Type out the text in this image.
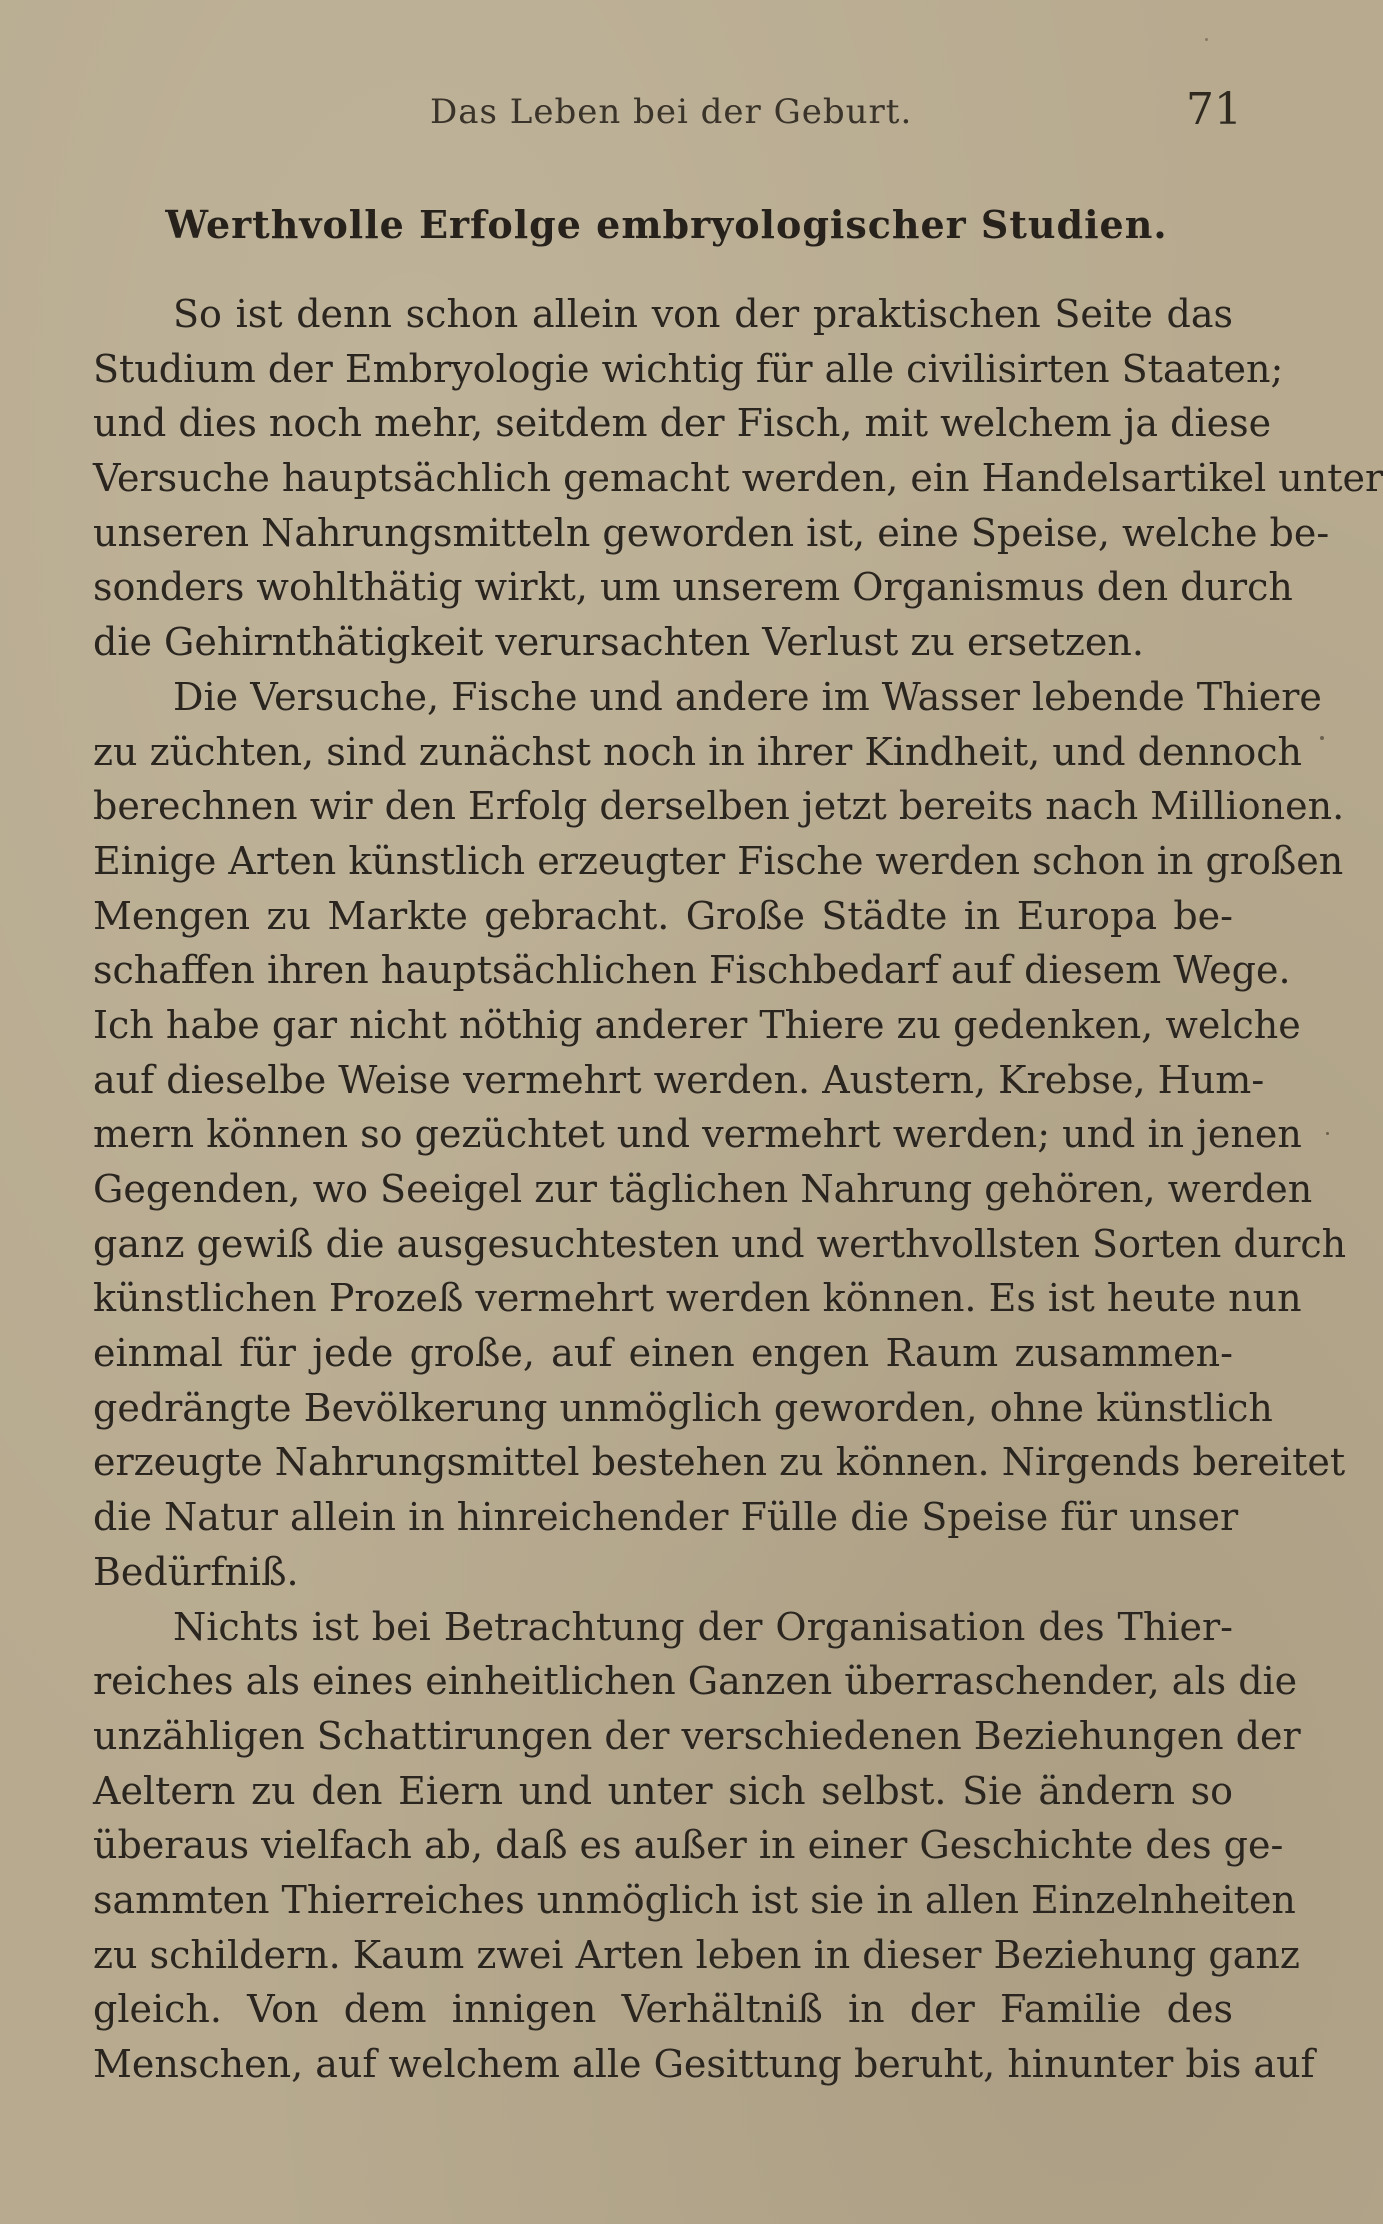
Das Leben bei der Geburt.	71
Werthvolle Erfolge embryologischer Studien.
So ist denn schon allein von der praktischen Seite das
Studium der Embryologie wichtig für alle civilisirten Staaten;
und dies noch mehr, seitdem der Fisch, mit welchem ja diese
Versuche hauptsächlich gemacht werden, ein Handelsartikel unter
unseren Nahrungsmitteln geworden ist, eine Speise, welche be-
sonders wohlthätig wirkt, um unserem Organismus den durch
die Gehirnthätigkeit verursachten Verlust zu ersetzen.
Die Versuche, Fische und andere im Wasser lebende Thiere
zu züchten, sind zunächst noch in ihrer Kindheit, und dennoch
berechnen wir den Erfolg derselben jetzt bereits nach Millionen.
Einige Arten künstlich erzeugter Fische werden schon in großen
Mengen zu Markte gebracht. Große Städte in Europa be-
schaffen ihren hauptsächlichen Fischbedarf auf diesem Wege.
Ich habe gar nicht nöthig anderer Thiere zu gedenken, welche
auf dieselbe Weise vermehrt werden. Austern, Krebse, Hum-
mern können so gezüchtet und vermehrt werden; und in jenen
Gegenden, wo Seeigel zur täglichen Nahrung gehören, werden
ganz gewiß die ausgesuchtesten und werthvollsten Sorten durch
künstlichen Prozeß vermehrt werden können. Es ist heute nun
einmal für jede große, auf einen engen Raum zusammen-
gedrängte Bevölkerung unmöglich geworden, ohne künstlich
erzeugte Nahrungsmittel bestehen zu können. Nirgends bereitet
die Natur allein in hinreichender Fülle die Speise für unser
Bedürfniß.
Nichts ist bei Betrachtung der Organisation des Thier-
reiches als eines einheitlichen Ganzen überraschender, als die
unzähligen Schattirungen der verschiedenen Beziehungen der
Aeltern zu den Eiern und unter sich selbst. Sie ändern so
überaus vielfach ab, daß es außer in einer Geschichte des ge-
sammten Thierreiches unmöglich ist sie in allen Einzelnheiten
zu schildern. Kaum zwei Arten leben in dieser Beziehung ganz
gleich. Von dem innigen Verhältniß in der Familie des
Menschen, auf welchem alle Gesittung beruht, hinunter bis auf
